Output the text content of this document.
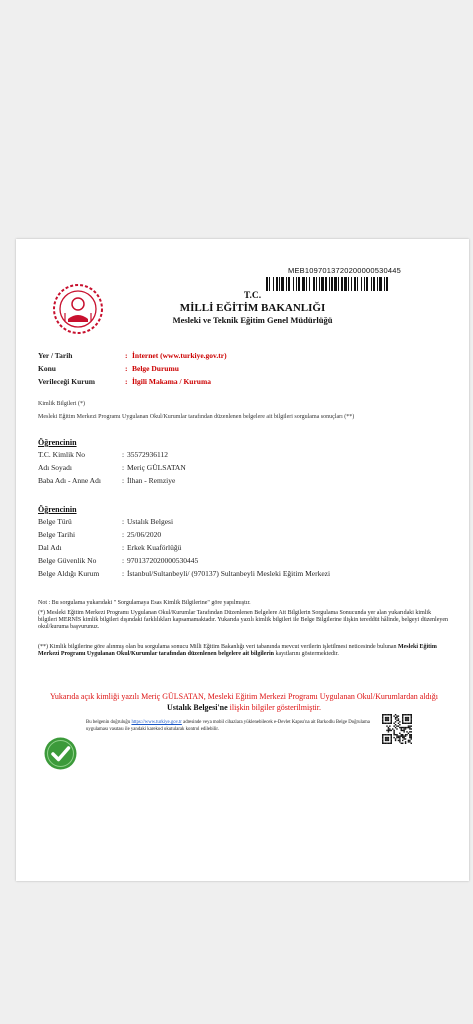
MEB1097013720200000530445
T.C.
MİLLİ EĞİTİM BAKANLIĞI
Mesleki ve Teknik Eğitim Genel Müdürlüğü
Yer / Tarih	: İnternet (www.turkiye.gov.tr)
Konu	: Belge Durumu
Verileceği Kurum	: İlgili Makama / Kuruma
Kimlik Bilgileri (*)
Mesleki Eğitim Merkezi Programı Uygulanan Okul/Kurumlar tarafından düzenlenen belgelere ait bilgileri sorgulama sonuçları (**)
Öğrencinin
T.C. Kimlik No	: 35572936112
Adı Soyadı	: Meriç GÜLSATAN
Baba Adı - Anne Adı	: İlhan - Remziye
Öğrencinin
Belge Türü	: Ustalık Belgesi
Belge Tarihi	: 25/06/2020
Dal Adı	: Erkek Kuaförlüğü
Belge Güvenlik No	: 9701372020000530445
Belge Aldığı Kurum	: İstanbul/Sultanbeyli/ (970137) Sultanbeyli Mesleki Eğitim Merkezi
Not : Bu sorgulama yukarıdaki " Sorgulamaya Esas Kimlik Bilgilerine" göre yapılmıştır.
(*) Mesleki Eğitim Merkezi Programı Uygulanan Okul/Kurumlar Tarafından Düzenlenen Belgelere Ait Bilgilerin Sorgulama Sonucunda yer alan yukarıdaki kimlik bilgileri MERNİS kimlik bilgileri dışındaki farklılıkları kapsamamaktadır. Yukarıda yazılı kimlik bilgileri ile Belge Bilgilerine ilişkin tereddüt hâlinde, belgeyi düzenleyen okul/kuruma başvurunuz.
(**) Kimlik bilgilerine göre alınmış olan bu sorgulama sonucu Milli Eğitim Bakanlığı veri tabanında mevcut verilerin işletilmesi neticesinde bulunan Mesleki Eğitim Merkezi Programı Uygulanan Okul/Kurumlar tarafından düzenlenen belgelere ait bilgilerin kayıtlarını göstermektedir.
Yukarıda açık kimliği yazılı Meriç GÜLSATAN, Mesleki Eğitim Merkezi Programı Uygulanan Okul/Kurumlardan aldığı Ustalık Belgesi'ne ilişkin bilgiler gösterilmiştir.
Bu belgenin doğruluğu https://www.turkiye.gov.tr adresinde veya mobil cihazlara yüklenebilecek e-Devlet Kapısı'na ait Barkodlu Belge Doğrulama uygulaması vasıtası ile yandaki karekod okutularak kontrol edilebilir.
